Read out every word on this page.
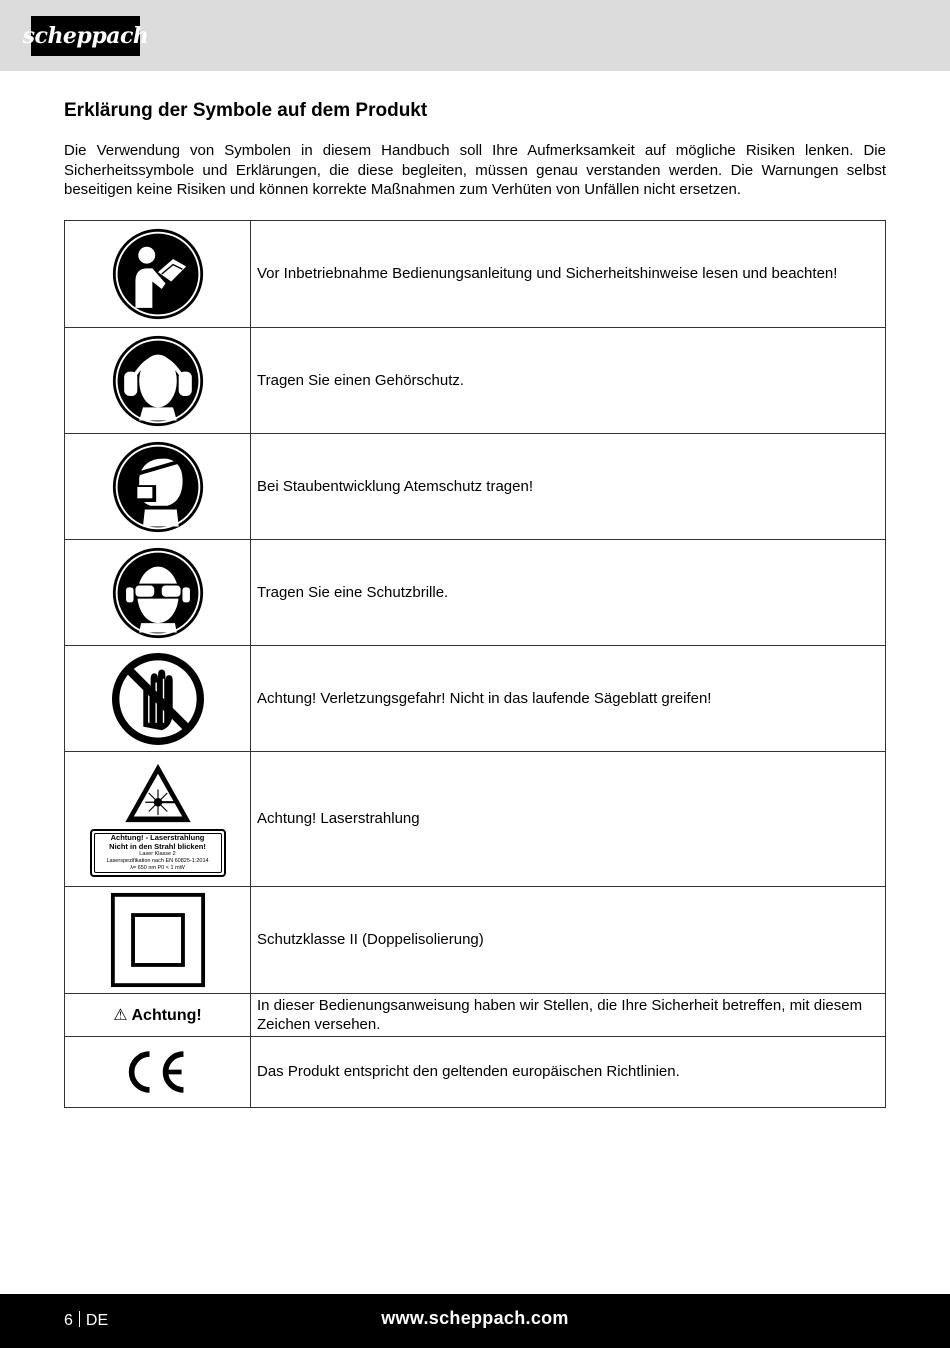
scheppach
Erklärung der Symbole auf dem Produkt

Die Verwendung von Symbolen in diesem Handbuch soll Ihre Aufmerksamkeit auf mögliche Risiken lenken. Die Sicherheitssymbole und Erklärungen, die diese begleiten, müssen genau verstanden werden. Die Warnungen selbst beseitigen keine Risiken und können korrekte Maßnahmen zum Verhüten von Unfällen nicht ersetzen.

	Vor Inbetriebnahme Bedienungsanleitung und Sicherheitshinweise lesen und beachten!

	Tragen Sie einen Gehörschutz.

	Bei Staubentwicklung Atemschutz tragen!

	Tragen Sie eine Schutzbrille.

	Achtung! Verletzungsgefahr! Nicht in das laufende Sägeblatt greifen!

Achtung! - Laserstrahlung
Nicht in den Strahl blicken!
Laser Klasse 2
Laserspezifikation nach EN 60825-1:2014
λ= 650 nm P0 < 1 mW	Achtung! Laserstrahlung

	Schutzklasse II (Doppelisolierung)
⚠ Achtung!	In dieser Bedienungsanweisung haben wir Stellen, die Ihre Sicherheit betreffen, mit diesem Zeichen versehen.

	Das Produkt entspricht den geltenden europäischen Richtlinien.
6 DE	www.scheppach.com
